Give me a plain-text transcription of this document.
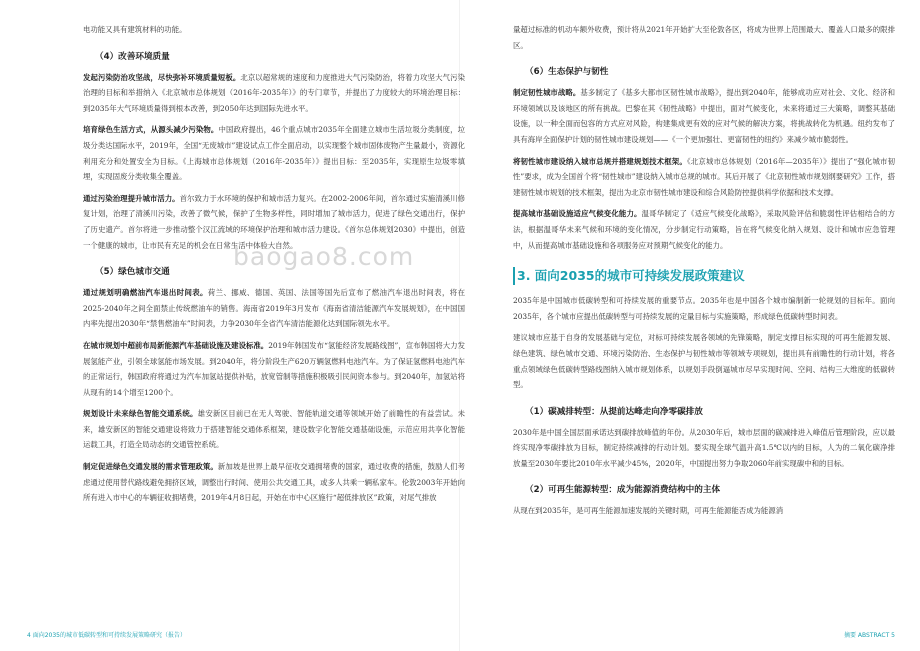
电功能又具有建筑材料的功能。

（4）改善环境质量

发起污染防治攻坚战，尽快弥补环境质量短板。北京以超常规的速度和力度推进大气污染防治，将着力攻坚大气污染治理的目标和举措纳入《北京城市总体规划（2016年-2035年）》的专门章节，并提出了力度较大的环境治理目标：到2035年大气环境质量得到根本改善，到2050年达到国际先进水平。

培育绿色生活方式，从源头减少污染物。中国政府提出，46个重点城市2035年全面建立城市生活垃圾分类制度，垃圾分类达国际水平，2019年，全国“无废城市”建设试点工作全面启动，以实现整个城市固体废物产生量最小，资源化利用充分和处置安全为目标。《上海城市总体规划（2016年-2035年）》提出目标：至2035年，实现原生垃圾零填埋，实现固废分类收集全覆盖。

通过污染治理提升城市活力。首尔致力于水环境的保护和城市活力复兴。在2002-2006年间，首尔通过实施清溪川修复计划，治理了清溪川污染，改善了微气候，保护了生物多样性，同时增加了城市活力，促进了绿色交通出行，保护了历史遗产。首尔将进一步推动整个汉江流域的环境保护治理和城市活力建设。《首尔总体规划2030》中提出，创造一个健康的城市，让市民有充足的机会在日常生活中体验大自然。

（5）绿色城市交通

通过规划明确燃油汽车退出时间表。荷兰、挪威、德国、英国、法国等国先后宣布了燃油汽车退出时间表，将在2025-2040年之间全面禁止传统燃油车的销售。海南省2019年3月发布《海南省清洁能源汽车发展规划》，在中国国内率先提出2030年“禁售燃油车”时间表，力争2030年全省汽车清洁能源化达到国际领先水平。

在城市规划中超前布局新能源汽车基础设施及建设标准。2019年韩国发布“氢能经济发展路线图”，宣布韩国将大力发展氢能产业，引领全球氢能市场发展。到2040年，将分阶段生产620万辆氢燃料电池汽车。为了保证氢燃料电池汽车的正常运行，韩国政府将通过为汽车加氢站提供补贴，放宽管制等措施积极吸引民间资本参与。到2040年，加氢站将从现有的14个增至1200个。

规划设计未来绿色智能交通系统。雄安新区目前已在无人驾驶、智能轨道交通等领域开始了前瞻性的有益尝试。未来，雄安新区的智能交通建设将致力于搭建智能交通体系框架，建设数字化智能交通基础设施，示范应用共享化智能运载工具，打造全局动态的交通管控系统。

制定促进绿色交通发展的需求管理政策。新加坡是世界上最早征收交通拥堵费的国家，通过收费的措施，鼓励人们考虑通过使用替代路线避免拥挤区域，调整出行时间、使用公共交通工具，或多人共乘一辆私家车。伦敦2003年开始向所有进入市中心的车辆征收拥堵费，2019年4月8日起，开始在市中心区施行“超低排放区”政策，对尾气排放

量超过标准的机动车额外收费，预计将从2021年开始扩大至伦敦各区，将成为世界上范围最大、覆盖人口最多的限排区。

（6）生态保护与韧性

制定韧性城市战略。基多制定了《基多大都市区韧性城市战略》，提出到2040年，能够成功应对社会、文化、经济和环境领域以及该地区的所有挑战。巴黎在其《韧性战略》中提出，面对气候变化，未来将通过三大策略，调整其基础设施，以一种全面而包容的方式应对风险，构建集成更有效的应对气候的解决方案，将挑战转化为机遇。纽约发布了具有海岸全面保护计划的韧性城市建设规划——《一个更加强壮、更富韧性的纽约》来减少城市脆弱性。

将韧性城市建设纳入城市总规并搭建规划技术框架。《北京城市总体规划（2016年—2035年）》提出了“强化城市韧性”要求，成为全国首个将“韧性城市”建设纳入城市总规的城市。其后开展了《北京韧性城市规划纲要研究》工作，搭建韧性城市规划的技术框架，提出为北京市韧性城市建设和综合风险防控提供科学依据和技术支撑。

提高城市基础设施适应气候变化能力。温哥华制定了《适应气候变化战略》，采取风险评估和脆弱性评估相结合的方法，根据温哥华未来气候和环境的变化情况，分步制定行动策略，旨在将气候变化纳入规划、设计和城市应急管理中，从而提高城市基础设施和各项服务应对预期气候变化的能力。

3. 面向2035的城市可持续发展政策建议

2035年是中国城市低碳转型和可持续发展的重要节点。2035年也是中国各个城市编制新一轮规划的目标年。面向2035年，各个城市应提出低碳转型与可持续发展的定量目标与实施策略，形成绿色低碳转型时间表。

建议城市应基于自身的发展基础与定位，对标可持续发展各领域的先锋策略，制定支撑目标实现的可再生能源发展、绿色建筑、绿色城市交通、环境污染防治、生态保护与韧性城市等领域专项规划，提出具有前瞻性的行动计划，将各重点领域绿色低碳转型路线图纳入城市规划体系，以规划手段倒逼城市尽早实现时间、空间、结构三大维度的低碳转型。

（1）碳减排转型：从提前达峰走向净零碳排放

2030年是中国全国层面承诺达到碳排放峰值的年份。从2030年后，城市层面的碳减排进入峰值后管理阶段，应以最终实现净零碳排放为目标，制定持续减排的行动计划。要实现全球气温升高1.5℃以内的目标，人为的二氧化碳净排放量至2030年要比2010年水平减少45%，2020年，中国提出努力争取2060年前实现碳中和的目标。

（2）可再生能源转型：成为能源消费结构中的主体

从现在到2035年，是可再生能源加速发展的关键时期，可再生能源能否成为能源消

baogao8.com
4 面向2035的城市低碳转型和可持续发展策略研究（报告）	摘要 ABSTRACT 5
